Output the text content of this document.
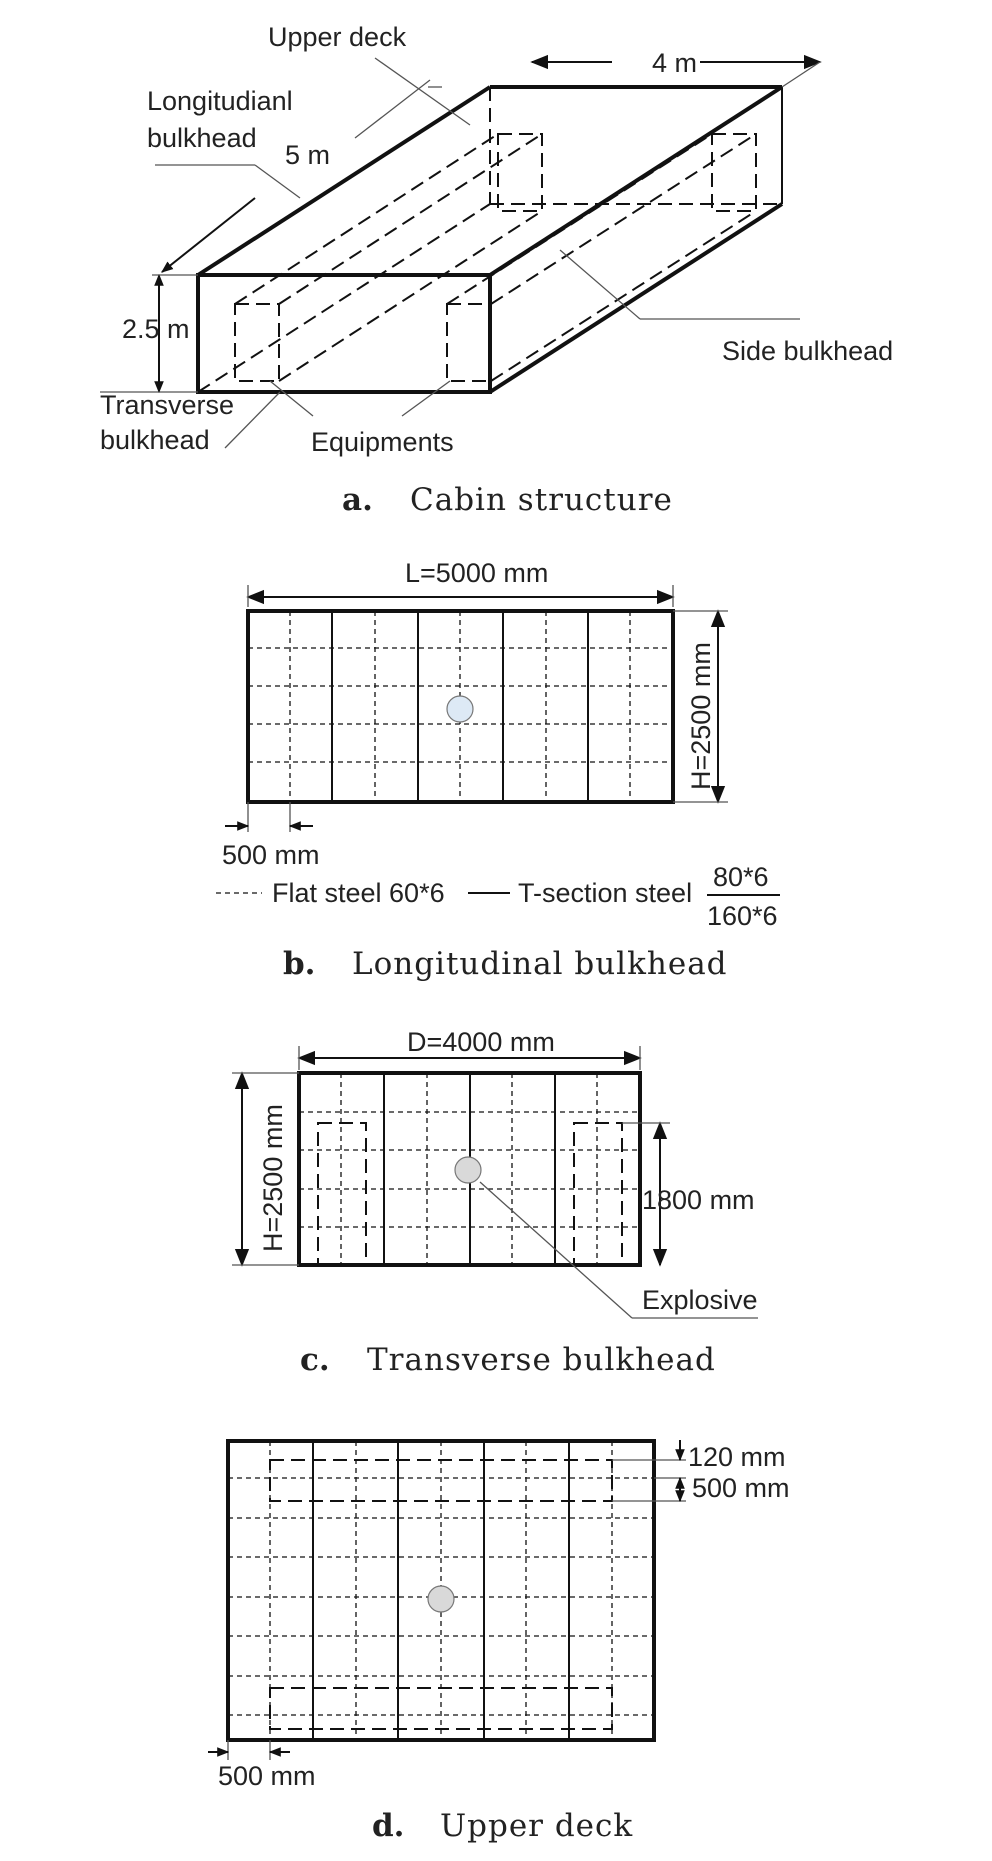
Upper deck
4 m
Longitudianl
bulkhead
5 m
2.5 m
Side bulkhead
Transverse
bulkhead	Equipments
a. Cabin structure
L=5000 mm
H=2500 mm
500 mm
Flat steel 60*6	T-section steel
80*6
160*6
b. Longitudinal bulkhead
D=4000 mm
H=2500 mm	1800 mm
Explosive
c. Transverse bulkhead
120 mm
500 mm
500 mm
d. Upper deck
